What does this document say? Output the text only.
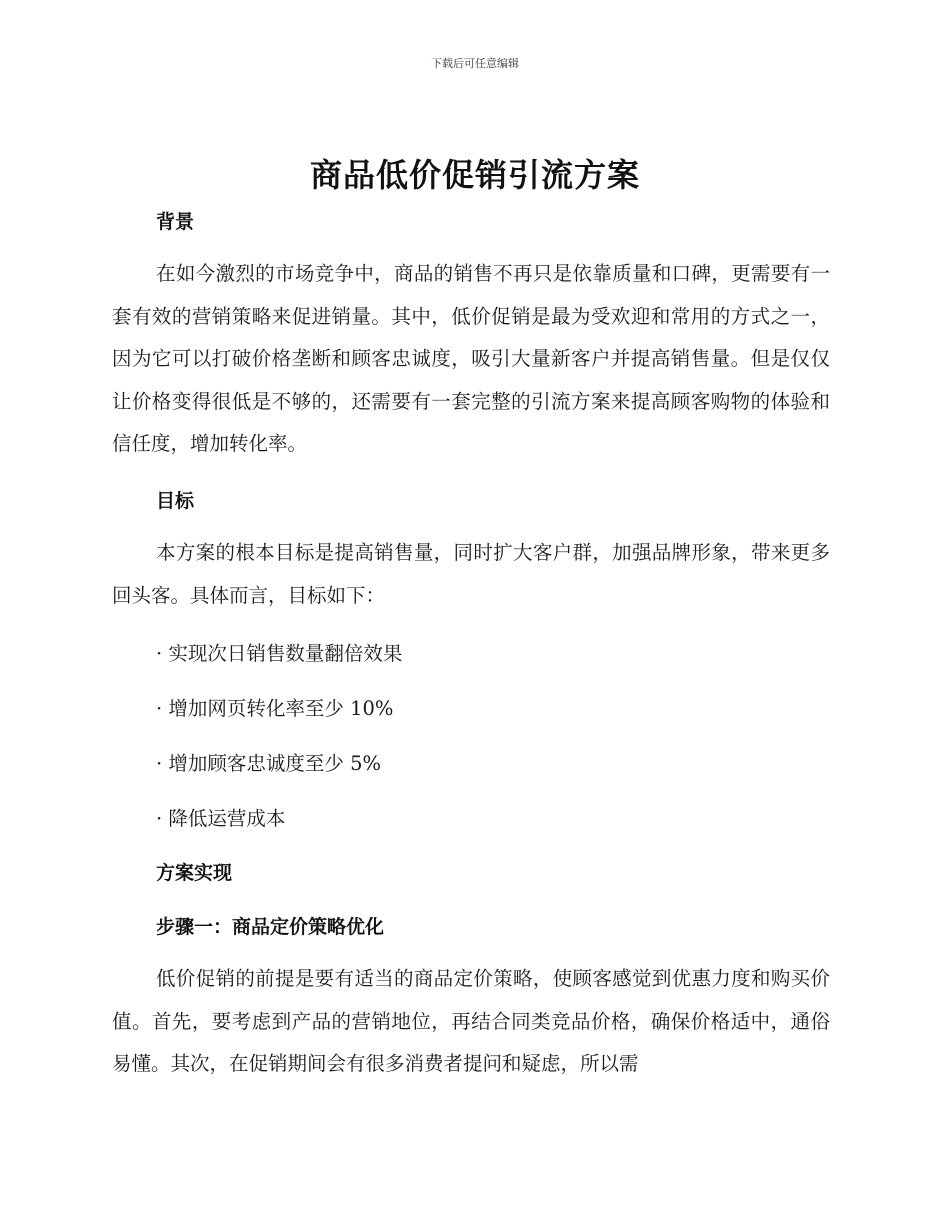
下载后可任意编辑
商品低价促销引流方案
背景
在如今激烈的市场竞争中，商品的销售不再只是依靠质量和口碑，更需要有一套有效的营销策略来促进销量。其中，低价促销是最为受欢迎和常用的方式之一，因为它可以打破价格垄断和顾客忠诚度，吸引大量新客户并提高销售量。但是仅仅让价格变得很低是不够的，还需要有一套完整的引流方案来提高顾客购物的体验和信任度，增加转化率。
目标
本方案的根本目标是提高销售量，同时扩大客户群，加强品牌形象，带来更多回头客。具体而言，目标如下：
· 实现次日销售数量翻倍效果
· 增加网页转化率至少 10%
· 增加顾客忠诚度至少 5%
· 降低运营成本
方案实现
步骤一：商品定价策略优化
低价促销的前提是要有适当的商品定价策略，使顾客感觉到优惠力度和购买价值。首先，要考虑到产品的营销地位，再结合同类竞品价格，确保价格适中，通俗易懂。其次，在促销期间会有很多消费者提问和疑虑，所以需
